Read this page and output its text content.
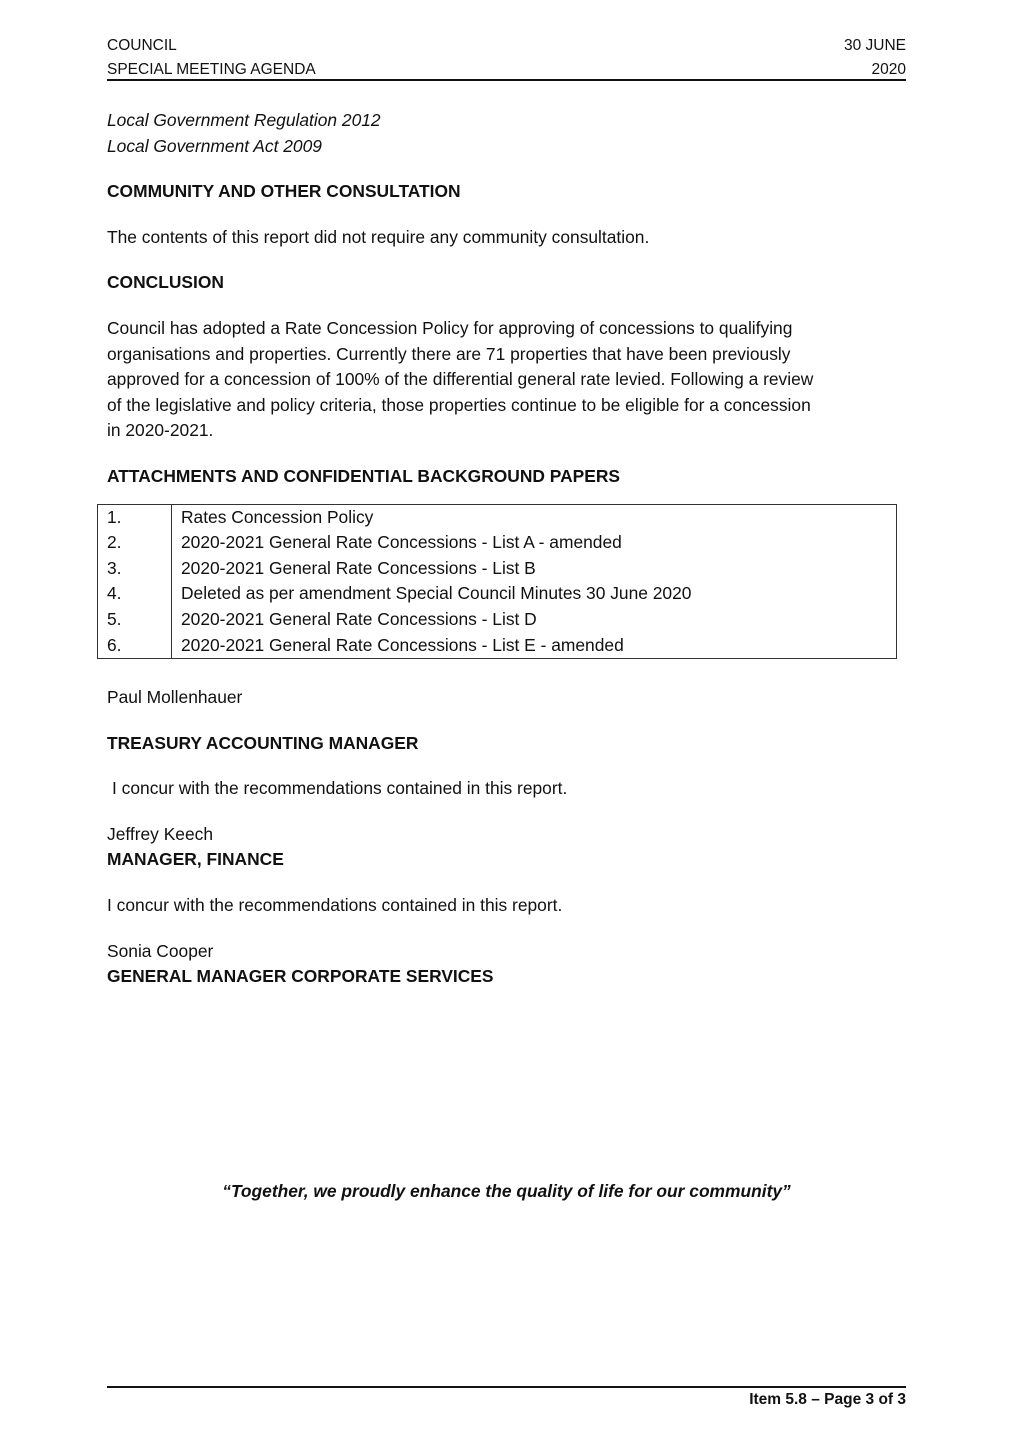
COUNCIL
SPECIAL MEETING AGENDA
30 JUNE
2020

Local Government Regulation 2012

Local Government Act 2009

COMMUNITY AND OTHER CONSULTATION

The contents of this report did not require any community consultation.

CONCLUSION

Council has adopted a Rate Concession Policy for approving of concessions to qualifying

organisations and properties. Currently there are 71 properties that have been previously

approved for a concession of 100% of the differential general rate levied. Following a review

of the legislative and policy criteria, those properties continue to be eligible for a concession

in 2020-2021.

ATTACHMENTS AND CONFIDENTIAL BACKGROUND PAPERS

1.	Rates Concession Policy
2.	2020-2021 General Rate Concessions - List A - amended
3.	2020-2021 General Rate Concessions - List B
4.	Deleted as per amendment Special Council Minutes 30 June 2020
5.	2020-2021 General Rate Concessions - List D
6.	2020-2021 General Rate Concessions - List E - amended

Paul Mollenhauer

TREASURY ACCOUNTING MANAGER

I concur with the recommendations contained in this report.

Jeffrey Keech

MANAGER, FINANCE

I concur with the recommendations contained in this report.

Sonia Cooper

GENERAL MANAGER CORPORATE SERVICES

“Together, we proudly enhance the quality of life for our community”
Item 5.8 – Page 3 of 3
